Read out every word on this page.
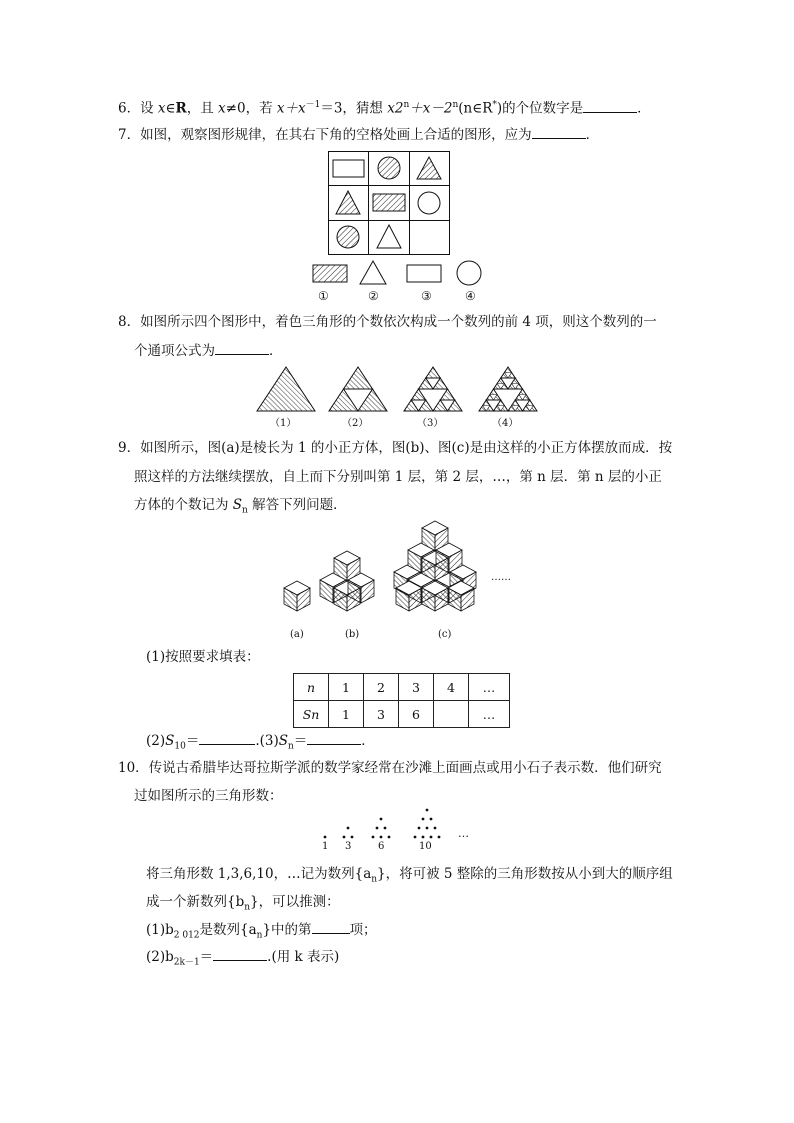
6．设 x∈R，且 x≠0，若 $x+x^{-1}=3$，猜想 $x2^n+x-2^n(n\in R^*)$的个位数字是	．
7．如图，观察图形规律，在其右下角的空格处画上合适的图形，应为	．
①	②	③	④
8．如图所示四个图形中，着色三角形的个数依次构成一个数列的前 4 项，则这个数列的一
个通项公式为	．
（1）	（2）	（3）	（4）
9．如图所示，图(a)是棱长为 1 的小正方体，图(b)、图(c)是由这样的小正方体摆放而成．按
照这样的方法继续摆放，自上而下分别叫第 1 层，第 2 层，…，第 n 层．第 n 层的小正
方体的个数记为 $S_n$ 解答下列问题．
(a)	(b)	(c)
……
(1)按照要求填表：
n	1	2	3	4	…
Sn	1	3	6		…
$(2)S_{10}=$	$.(3)S_n=$	．
10．传说古希腊毕达哥拉斯学派的数学家经常在沙滩上面画点或用小石子表示数．他们研究
过如图所示的三角形数：
1 3	6	10
…
将三角形数 1,3,6,10，…记为数列$\{a_n\}$，将可被 5 整除的三角形数按从小到大的顺序组
成一个新数列$\{b_n\}$，可以推测：
$(1)b_{2 012}$是数列$\{a_n\}$中的第	项；
$(2)b_{2k-1}=$	.(用 k 表示)
